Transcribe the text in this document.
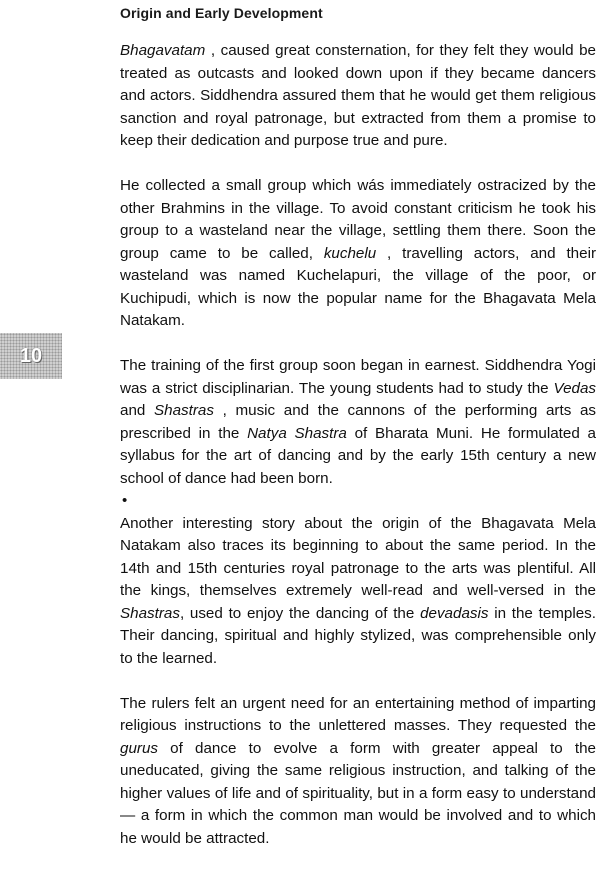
Origin and Early Development
10

Bhagavatam , caused great consternation, for they felt they would be treated as outcasts and looked down upon if they became dancers and actors. Siddhendra assured them that he would get them religious sanction and royal patronage, but extracted from them a promise to keep their dedication and purpose true and pure.

He collected a small group which wás immediately ostracized by the other Brahmins in the village. To avoid constant criticism he took his group to a wasteland near the village, settling them there. Soon the group came to be called, kuchelu , travelling actors, and their wasteland was named Kuchelapuri, the village of the poor, or Kuchipudi, which is now the popular name for the Bhagavata Mela Natakam.

The training of the first group soon began in earnest. Siddhendra Yogi was a strict disciplinarian. The young students had to study the Vedas and Shastras , music and the cannons of the performing arts as prescribed in the Natya Shastra of Bharata Muni. He formulated a syllabus for the art of dancing and by the early 15th century a new school of dance had been born.

•

Another interesting story about the origin of the Bhagavata Mela Natakam also traces its beginning to about the same period. In the 14th and 15th centuries royal patronage to the arts was plentiful. All the kings, themselves extremely well-read and well-versed in the Shastras, used to enjoy the dancing of the devadasis in the temples. Their dancing, spiritual and highly stylized, was comprehensible only to the learned.

The rulers felt an urgent need for an entertaining method of imparting religious instructions to the unlettered masses. They requested the gurus of dance to evolve a form with greater appeal to the uneducated, giving the same religious instruction, and talking of the higher values of life and of spirituality, but in a form easy to understand — a form in which the common man would be involved and to which he would be attracted.
